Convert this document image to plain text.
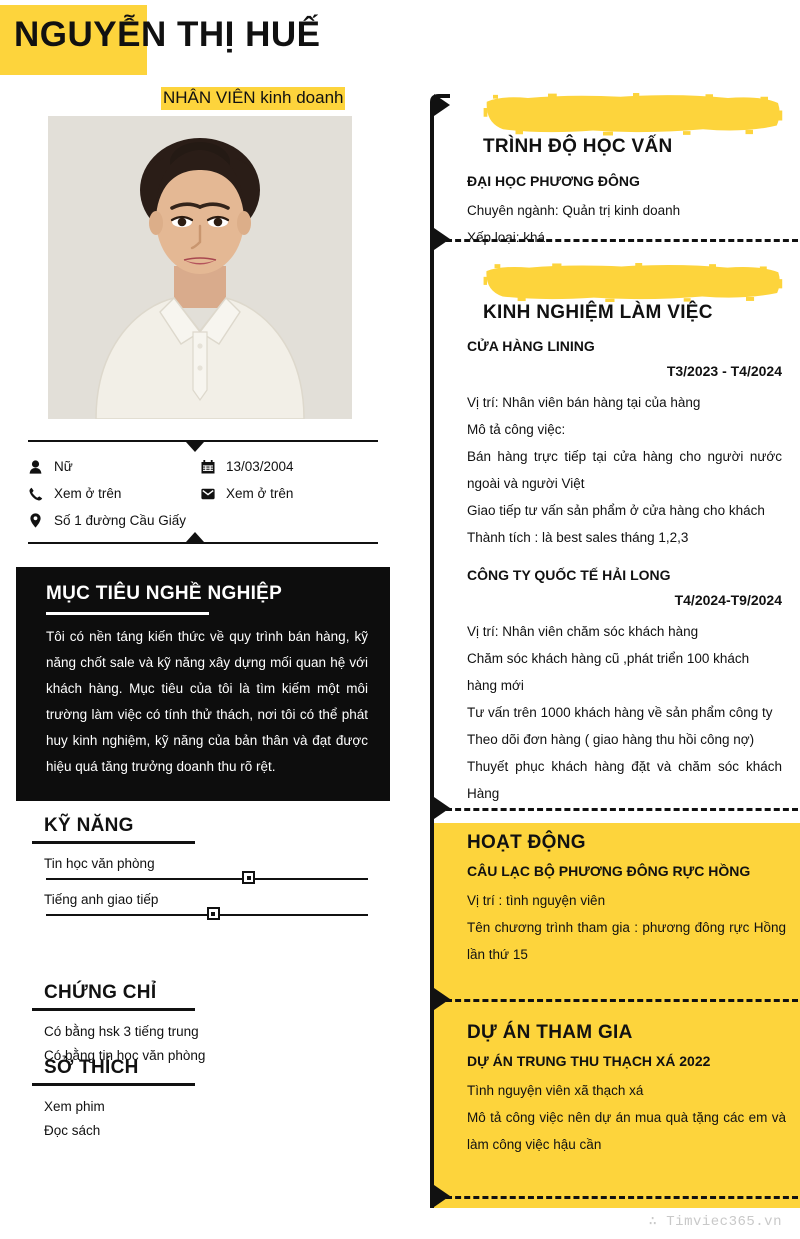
NGUYỄN THỊ HUẾ
NHÂN VIÊN kinh doanh
Nữ	13/03/2004
Xem ở trên	Xem ở trên
Số 1 đường Cầu Giấy
MỤC TIÊU NGHỀ NGHIỆP
Tôi có nền táng kiến thức về quy trình bán hàng, kỹ năng chốt sale và kỹ năng xây dựng mối quan hệ với khách hàng. Mục tiêu của tôi là tìm kiếm một môi trường làm việc có tính thử thách, nơi tôi có thể phát huy kinh nghiệm, kỹ năng của bản thân và đạt được hiệu quá tăng trưởng doanh thu rõ rệt.
KỸ NĂNG
Tin học văn phòng
Tiếng anh giao tiếp
CHỨNG CHỈ
Có bằng hsk 3 tiếng trung
Có bằng tin học văn phòng
SỞ THÍCH
Xem phim
Đọc sách
TRÌNH ĐỘ HỌC VẤN
ĐẠI HỌC PHƯƠNG ĐÔNG

Chuyên ngành: Quản trị kinh doanh

Xếp loại: khá

KINH NGHIỆM LÀM VIỆC
CỬA HÀNG LINING
T3/2023 - T4/2024

Vị trí: Nhân viên bán hàng tại của hàng

Mô tả công việc:

Bán hàng trực tiếp tại cửa hàng cho người nước ngoài và người Việt

Giao tiếp tư vấn sản phẩm ở cửa hàng cho khách

Thành tích : là best sales tháng 1,2,3

CÔNG TY QUỐC TẾ HẢI LONG
T4/2024-T9/2024

Vị trí: Nhân viên chăm sóc khách hàng

Chăm sóc khách hàng cũ ,phát triển 100 khách hàng mới

Tư vấn trên 1000 khách hàng về sản phẩm công ty

Theo dõi đơn hàng ( giao hàng thu hồi công nợ)

Thuyết phục khách hàng đặt và chăm sóc khách Hàng

HOẠT ĐỘNG
CÂU LẠC BỘ PHƯƠNG ĐÔNG RỰC HỒNG

Vị trí : tình nguyện viên

Tên chương trình tham gia : phương đông rực Hồng lần thứ 15

DỰ ÁN THAM GIA
DỰ ÁN TRUNG THU THẠCH XÁ 2022

Tình nguyện viên xã thạch xá

Mô tả công việc nên dự án mua quà tặng các em và làm công việc hậu cần

∴ Timviec365.vn
